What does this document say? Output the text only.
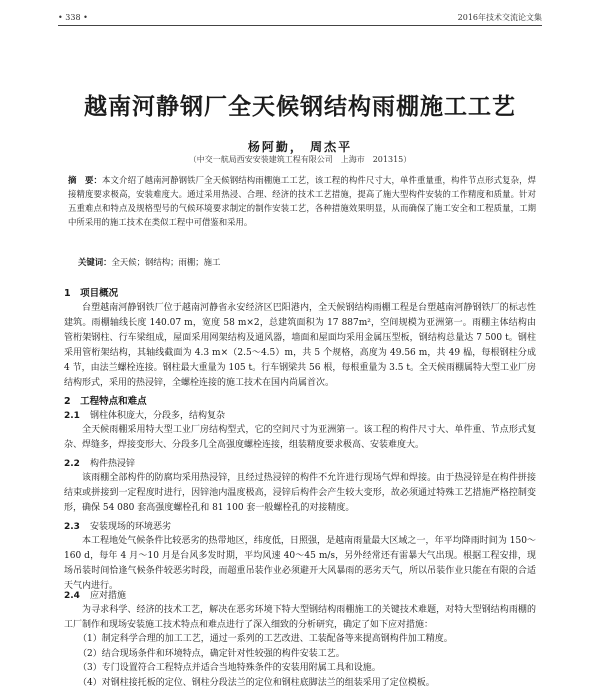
• 338 •	2016年技术交流论文集
越南河静钢厂全天候钢结构雨棚施工工艺
杨阿勤， 周杰平
（中交一航局西安安装建筑工程有限公司　上海市　201315）
摘　要：本文介绍了越南河静钢铁厂全天候钢结构雨棚施工工艺，该工程的构件尺寸大，单件重量重，构件节点形式复杂，焊接精度要求极高，安装难度大。通过采用热浸、合理、经济的技术工艺措施，提高了施大型构件安装的工作精度和质量。针对五重难点和特点及规格型号的气候环境要求制定的制作安装工艺，各种措施效果明显，从而确保了施工安全和工程质量，工期中所采用的施工技术在类似工程中可借鉴和采用。
关键词：全天候；钢结构；雨棚；施工
1　项目概况
台塑越南河静钢铁厂位于越南河静省永安经济区巴阳港内，全天候钢结构雨棚工程是台塑越南河静钢铁厂的标志性建筑。雨棚轴线长度 140.07 m，宽度 58 m×2，总建筑面积为 17 887m²，空间规模为亚洲第一。雨棚主体结构由管桁架钢柱、行车梁组成，屋面采用网架结构及通风器，墙面和屋面均采用金属压型板，钢结构总量达 7 500 t。钢柱采用管桁架结构，其轴线截面为 4.3 m×（2.5～4.5）m，共 5 个规格，高度为 49.56 m，共 49 榀，每根钢柱分成 4 节，由法兰螺栓连接。钢柱最大重量为 105 t。行车钢梁共 56 根，每根重量为 3.5 t。全天候雨棚属特大型工业厂房结构形式，采用的热浸锌，全螺栓连接的施工技术在国内尚属首次。
2　工程特点和难点
2.1 钢柱体积庞大，分段多，结构复杂
全天候雨棚采用特大型工业厂房结构型式，它的空间尺寸为亚洲第一。该工程的构件尺寸大、单件重、节点形式复杂、焊缝多，焊接变形大、分段多几全高强度螺栓连接，组装精度要求极高、安装难度大。
2.2 构件热浸锌
该雨棚全部构件的防腐均采用热浸锌，且经过热浸锌的构件不允许进行现场气焊和焊接。由于热浸锌是在构件拼接结束或拼接到一定程度时进行，因锌池内温度极高，浸锌后构件会产生较大变形，故必须通过特殊工艺措施严格控制变形，确保 54 080 套高强度螺栓孔和 81 100 套一般螺栓孔的对接精度。
2.3 安装现场的环境恶劣
本工程地处气候条件比较恶劣的热带地区，纬度低，日照强，是越南雨量最大区域之一，年平均降雨时间为 150～160 d，每年 4 月～10 月是台风多发时期，平均风速 40～45 m/s，另外经常还有雷暴大气出现。根据工程安排，现场吊装时间恰逢气候条件较恶劣时段，而超重吊装作业必须避开大风暴雨的恶劣天气，所以吊装作业只能在有限的合适天气内进行。
2.4 应对措施
为寻求科学、经济的技术工艺，解决在恶劣环境下特大型钢结构雨棚施工的关键技术难题，对特大型钢结构雨棚的工厂制作和现场安装施工技术特点和难点进行了深入细致的分析研究，确定了如下应对措施：
（1）制定科学合理的加工工艺，通过一系列的工艺改进、工装配备等来提高钢构件加工精度。
（2）结合现场条件和环境特点，确定针对性较强的构件安装工艺。
（3）专门设置符合工程特点并适合当地特殊条件的安装用附属工具和设施。
（4）对钢柱接托板的定位、钢柱分段法兰的定位和钢柱底脚法兰的组装采用了定位模板。
